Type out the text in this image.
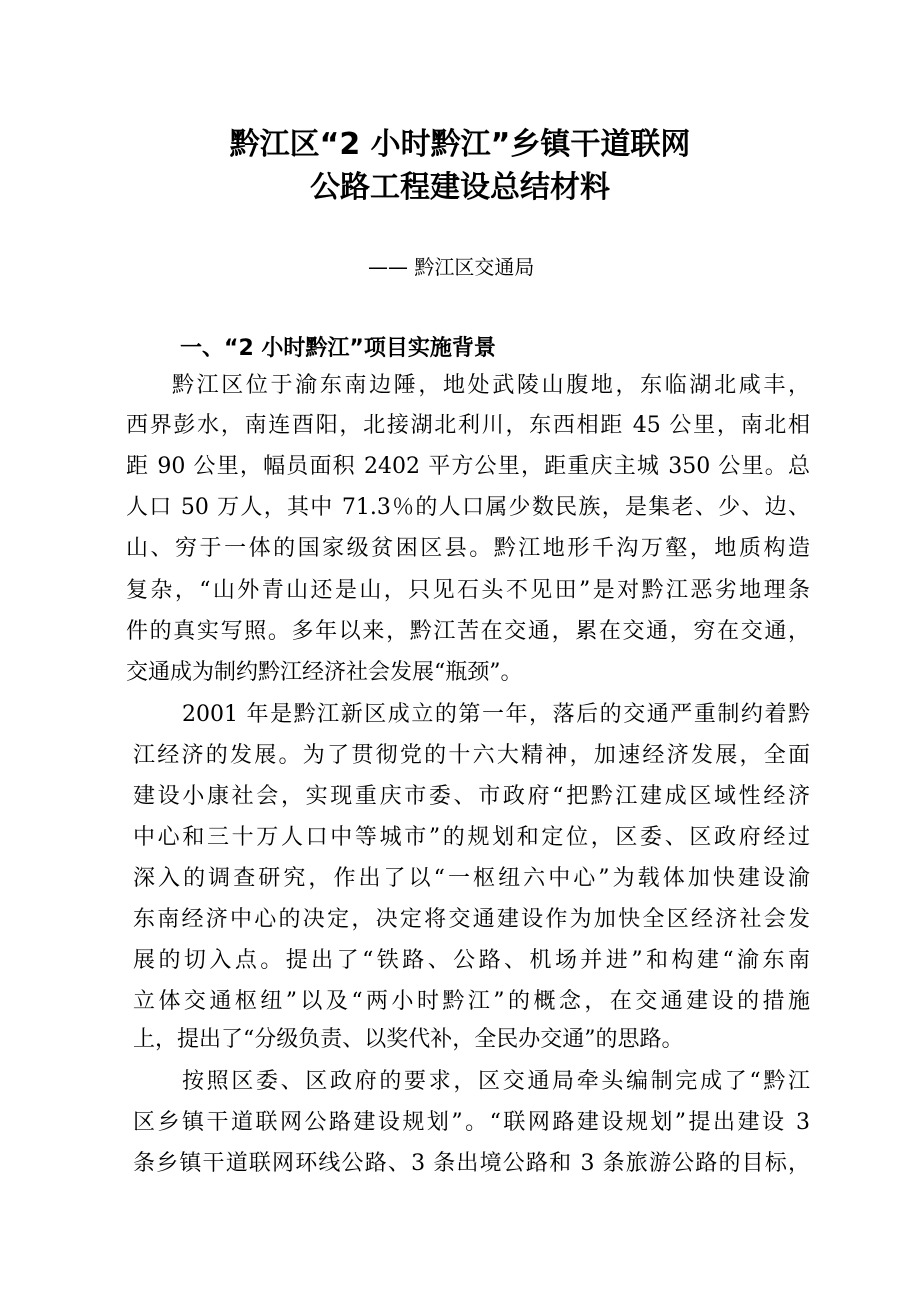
黔江区“2 小时黔江”乡镇干道联网
公路工程建设总结材料
—— 黔江区交通局
一、“2 小时黔江”项目实施背景
黔江区位于渝东南边陲，地处武陵山腹地，东临湖北咸丰，
西界彭水，南连酉阳，北接湖北利川，东西相距 45 公里，南北相
距 90 公里，幅员面积 2402 平方公里，距重庆主城 350 公里。总
人口 50 万人，其中 71.3％的人口属少数民族，是集老、少、边、
山、穷于一体的国家级贫困区县。黔江地形千沟万壑，地质构造
复杂，“山外青山还是山，只见石头不见田”是对黔江恶劣地理条
件的真实写照。多年以来，黔江苦在交通，累在交通，穷在交通，
交通成为制约黔江经济社会发展“瓶颈”。
2001 年是黔江新区成立的第一年，落后的交通严重制约着黔
江经济的发展。为了贯彻党的十六大精神，加速经济发展，全面
建设小康社会，实现重庆市委、市政府“把黔江建成区域性经济
中心和三十万人口中等城市”的规划和定位，区委、区政府经过
深入的调查研究，作出了以“一枢纽六中心”为载体加快建设渝
东南经济中心的决定，决定将交通建设作为加快全区经济社会发
展的切入点。提出了“铁路、公路、机场并进”和构建“渝东南
立体交通枢纽”以及“两小时黔江”的概念，在交通建设的措施
上，提出了“分级负责、以奖代补，全民办交通”的思路。
按照区委、区政府的要求，区交通局牵头编制完成了“黔江
区乡镇干道联网公路建设规划”。“联网路建设规划”提出建设 3
条乡镇干道联网环线公路、3 条出境公路和 3 条旅游公路的目标，
